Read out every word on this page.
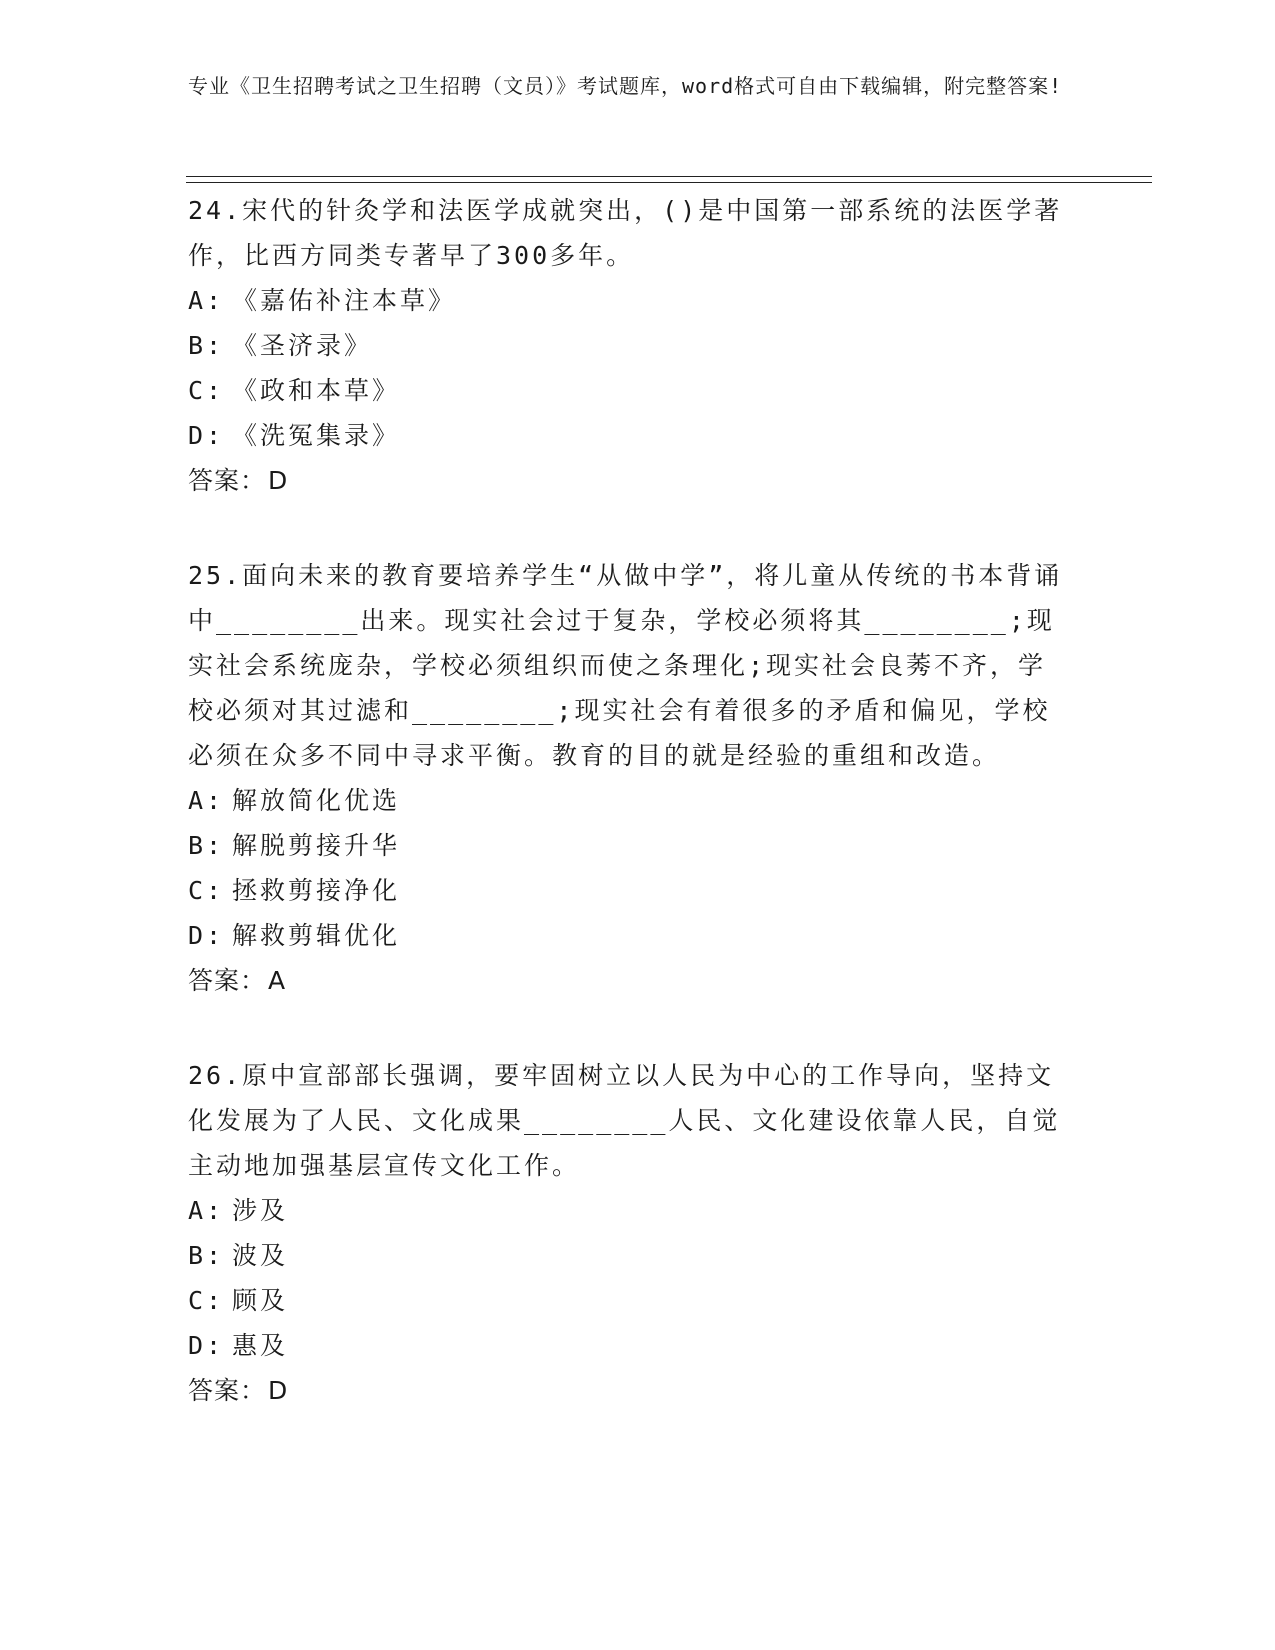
专业《卫生招聘考试之卫生招聘（文员）》考试题库，word格式可自由下载编辑，附完整答案!

24.宋代的针灸学和法医学成就突出，()是中国第一部系统的法医学著作，比西方同类专著早了300多年。

A: 《嘉佑补注本草》
B: 《圣济录》
C: 《政和本草》
D: 《洗冤集录》
答案：D

25.面向未来的教育要培养学生“从做中学”，将儿童从传统的书本背诵中________出来。现实社会过于复杂，学校必须将其________;现实社会系统庞杂，学校必须组织而使之条理化;现实社会良莠不齐，学校必须对其过滤和________;现实社会有着很多的矛盾和偏见，学校必须在众多不同中寻求平衡。教育的目的就是经验的重组和改造。

A: 解放简化优选
B: 解脱剪接升华
C: 拯救剪接净化
D: 解救剪辑优化
答案：A

26.原中宣部部长强调，要牢固树立以人民为中心的工作导向，坚持文化发展为了人民、文化成果________人民、文化建设依靠人民，自觉主动地加强基层宣传文化工作。

A: 涉及
B: 波及
C: 顾及
D: 惠及
答案：D
